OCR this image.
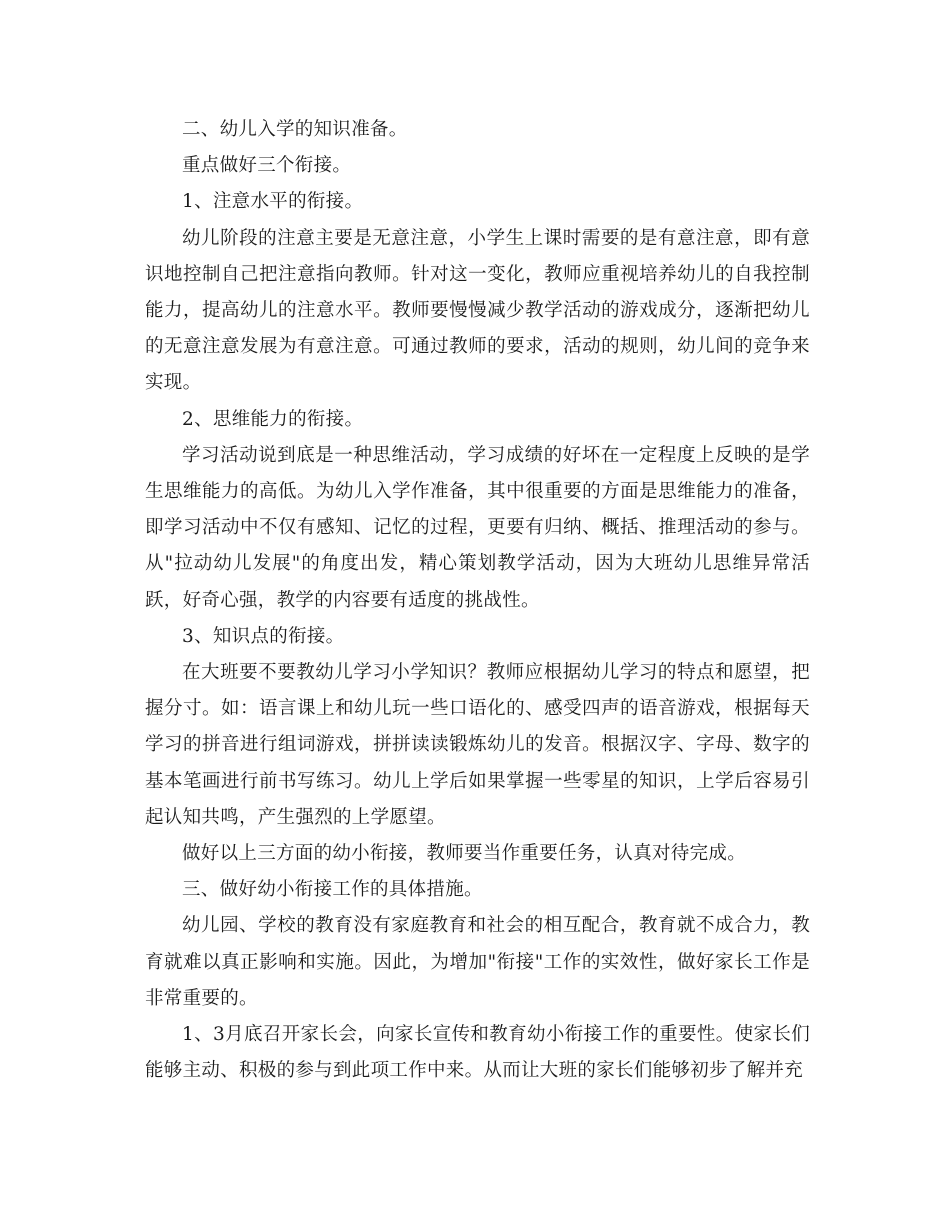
二、幼儿入学的知识准备。

重点做好三个衔接。

1、注意水平的衔接。

幼儿阶段的注意主要是无意注意，小学生上课时需要的是有意注意，即有意识地控制自己把注意指向教师。针对这一变化，教师应重视培养幼儿的自我控制能力，提高幼儿的注意水平。教师要慢慢减少教学活动的游戏成分，逐渐把幼儿的无意注意发展为有意注意。可通过教师的要求，活动的规则，幼儿间的竞争来实现。

2、思维能力的衔接。

学习活动说到底是一种思维活动，学习成绩的好坏在一定程度上反映的是学生思维能力的高低。为幼儿入学作准备，其中很重要的方面是思维能力的准备，即学习活动中不仅有感知、记忆的过程，更要有归纳、概括、推理活动的参与。从"拉动幼儿发展"的角度出发，精心策划教学活动，因为大班幼儿思维异常活跃，好奇心强，教学的内容要有适度的挑战性。

3、知识点的衔接。

在大班要不要教幼儿学习小学知识？教师应根据幼儿学习的特点和愿望，把握分寸。如：语言课上和幼儿玩一些口语化的、感受四声的语音游戏，根据每天学习的拼音进行组词游戏，拼拼读读锻炼幼儿的发音。根据汉字、字母、数字的基本笔画进行前书写练习。幼儿上学后如果掌握一些零星的知识，上学后容易引起认知共鸣，产生强烈的上学愿望。

做好以上三方面的幼小衔接，教师要当作重要任务，认真对待完成。

三、做好幼小衔接工作的具体措施。

幼儿园、学校的教育没有家庭教育和社会的相互配合，教育就不成合力，教育就难以真正影响和实施。因此，为增加"衔接"工作的实效性，做好家长工作是非常重要的。

1、3月底召开家长会，向家长宣传和教育幼小衔接工作的重要性。使家长们能够主动、积极的参与到此项工作中来。从而让大班的家长们能够初步了解并充
